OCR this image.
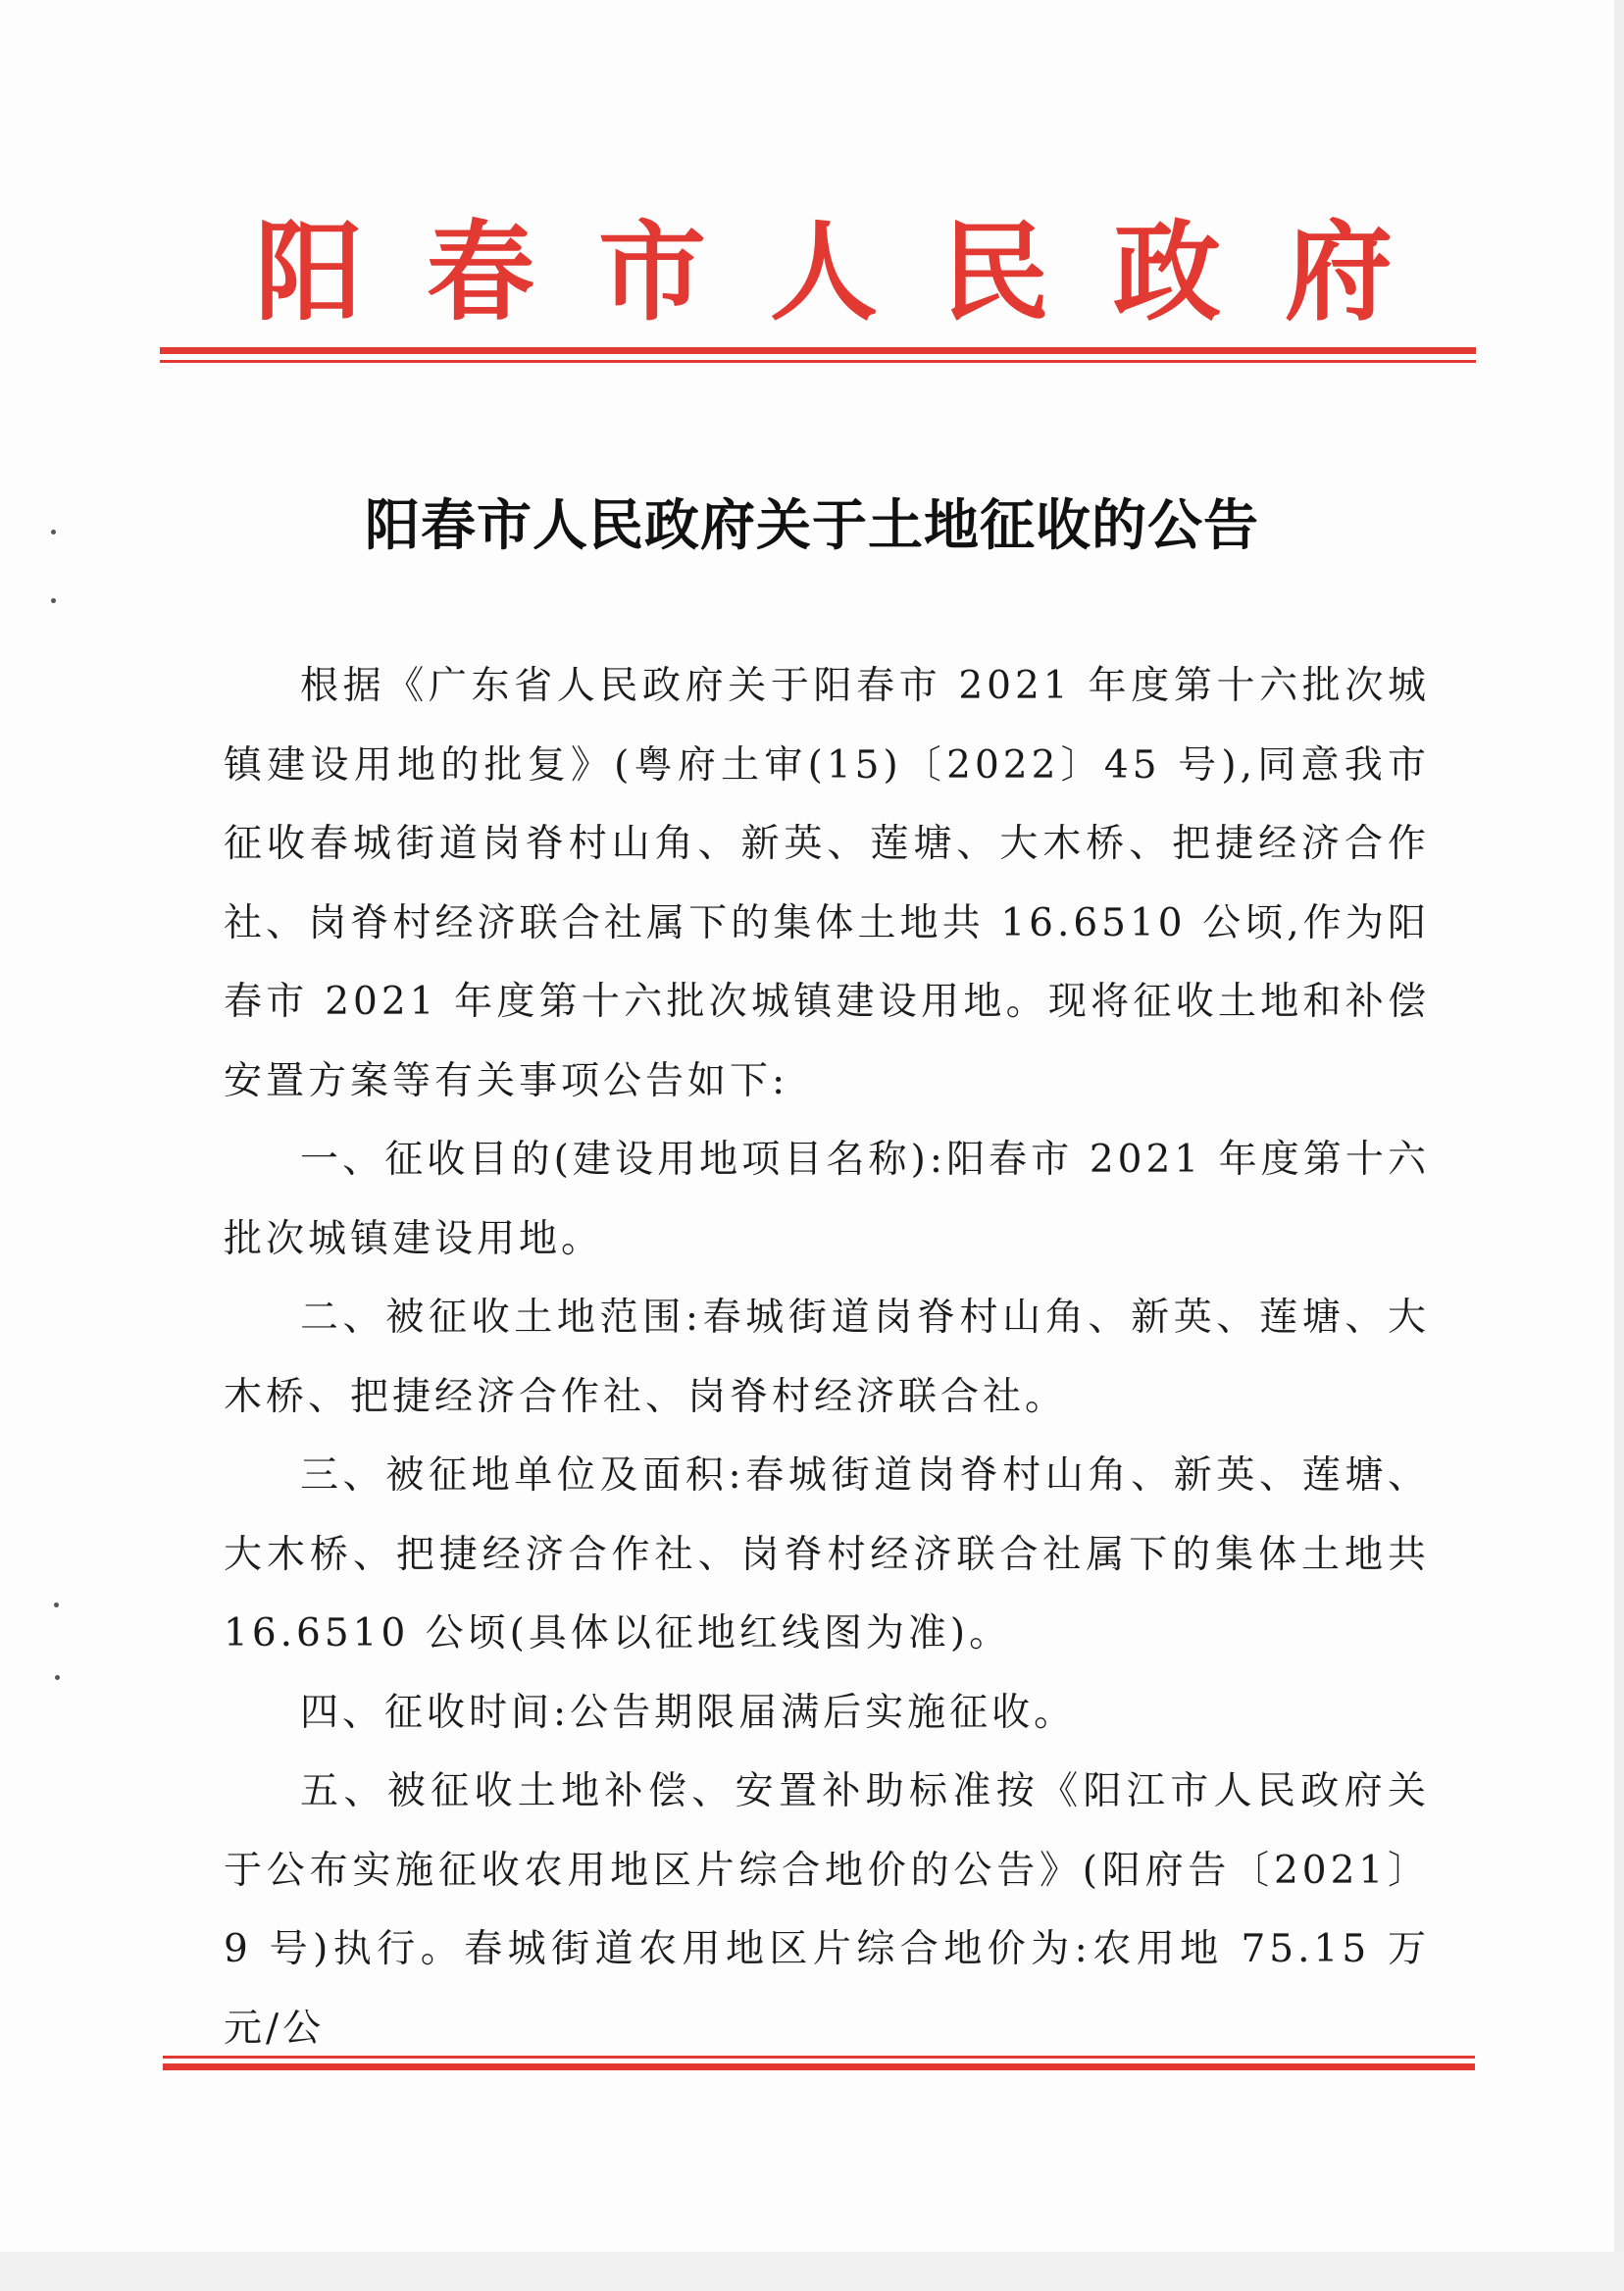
阳 春 市 人 民 政 府
阳春市人民政府关于土地征收的公告

根据《广东省人民政府关于阳春市 2021 年度第十六批次城镇建设用地的批复》(粤府土审(15)〔2022〕45 号),同意我市征收春城街道岗脊村山角、新英、莲塘、大木桥、把捷经济合作社、岗脊村经济联合社属下的集体土地共 16.6510 公顷,作为阳春市 2021 年度第十六批次城镇建设用地。现将征收土地和补偿安置方案等有关事项公告如下:

一、征收目的(建设用地项目名称):阳春市 2021 年度第十六批次城镇建设用地。

二、被征收土地范围:春城街道岗脊村山角、新英、莲塘、大木桥、把捷经济合作社、岗脊村经济联合社。

三、被征地单位及面积:春城街道岗脊村山角、新英、莲塘、大木桥、把捷经济合作社、岗脊村经济联合社属下的集体土地共 16.6510 公顷(具体以征地红线图为准)。

四、征收时间:公告期限届满后实施征收。

五、被征收土地补偿、安置补助标准按《阳江市人民政府关于公布实施征收农用地区片综合地价的公告》(阳府告〔2021〕9 号)执行。春城街道农用地区片综合地价为:农用地 75.15 万元/公
